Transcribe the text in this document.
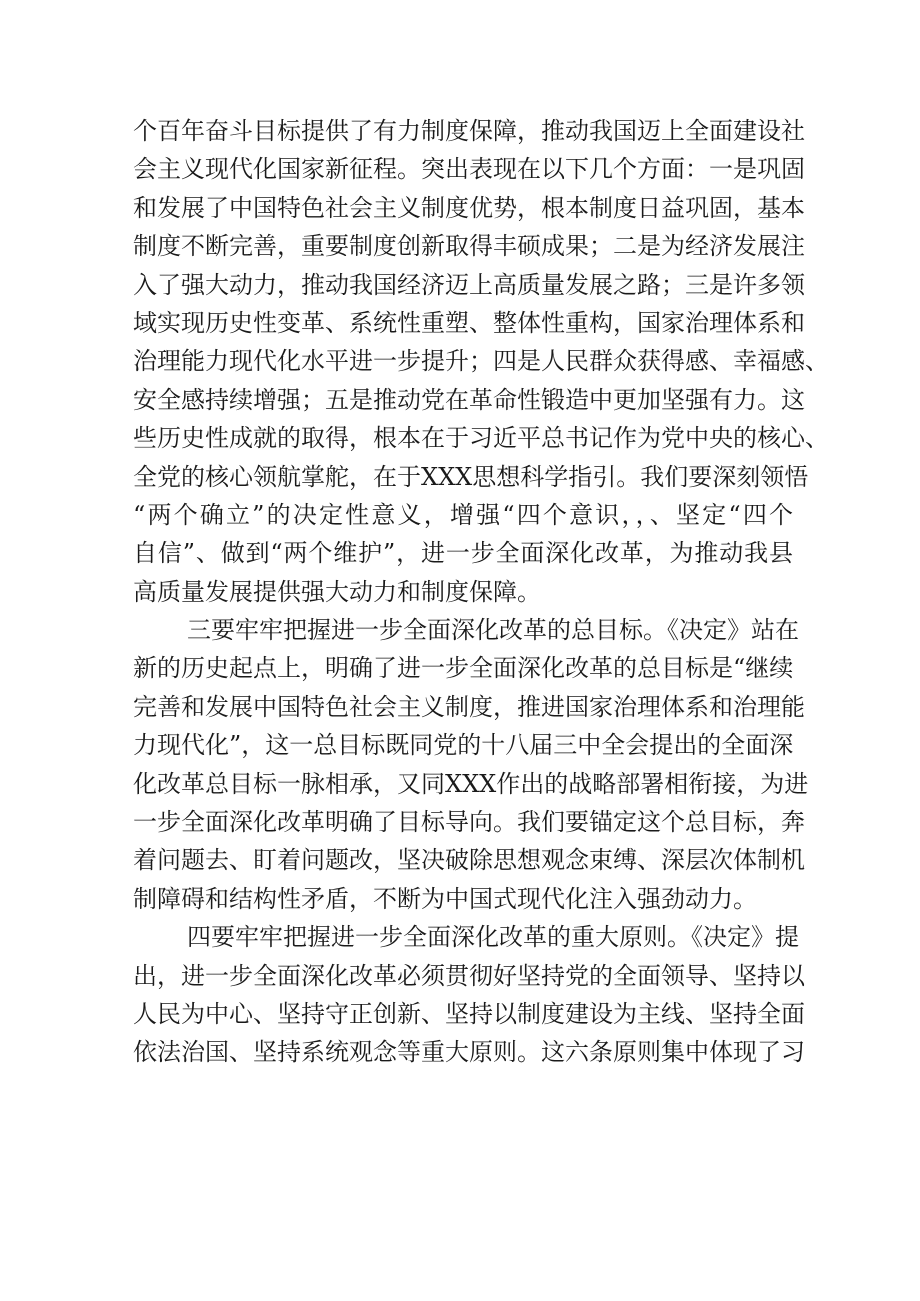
个百年奋斗目标提供了有力制度保障，推动我国迈上全面建设社
会主义现代化国家新征程。突出表现在以下几个方面：一是巩固
和发展了中国特色社会主义制度优势，根本制度日益巩固，基本
制度不断完善，重要制度创新取得丰硕成果；二是为经济发展注
入了强大动力，推动我国经济迈上高质量发展之路；三是许多领
域实现历史性变革、系统性重塑、整体性重构，国家治理体系和
治理能力现代化水平进一步提升；四是人民群众获得感、幸福感、
安全感持续增强；五是推动党在革命性锻造中更加坚强有力。这
些历史性成就的取得，根本在于习近平总书记作为党中央的核心、
全党的核心领航掌舵，在于XXX思想科学指引。我们要深刻领悟
“两个确立”的决定性意义，增强“四个意识，，、坚定“四个
自信”、做到“两个维护”，进一步全面深化改革，为推动我县
高质量发展提供强大动力和制度保障。
三要牢牢把握进一步全面深化改革的总目标。《决定》站在
新的历史起点上，明确了进一步全面深化改革的总目标是“继续
完善和发展中国特色社会主义制度，推进国家治理体系和治理能
力现代化”，这一总目标既同党的十八届三中全会提出的全面深
化改革总目标一脉相承，又同XXX作出的战略部署相衔接，为进
一步全面深化改革明确了目标导向。我们要锚定这个总目标，奔
着问题去、盯着问题改，坚决破除思想观念束缚、深层次体制机
制障碍和结构性矛盾，不断为中国式现代化注入强劲动力。
四要牢牢把握进一步全面深化改革的重大原则。《决定》提
出，进一步全面深化改革必须贯彻好坚持党的全面领导、坚持以
人民为中心、坚持守正创新、坚持以制度建设为主线、坚持全面
依法治国、坚持系统观念等重大原则。这六条原则集中体现了习
